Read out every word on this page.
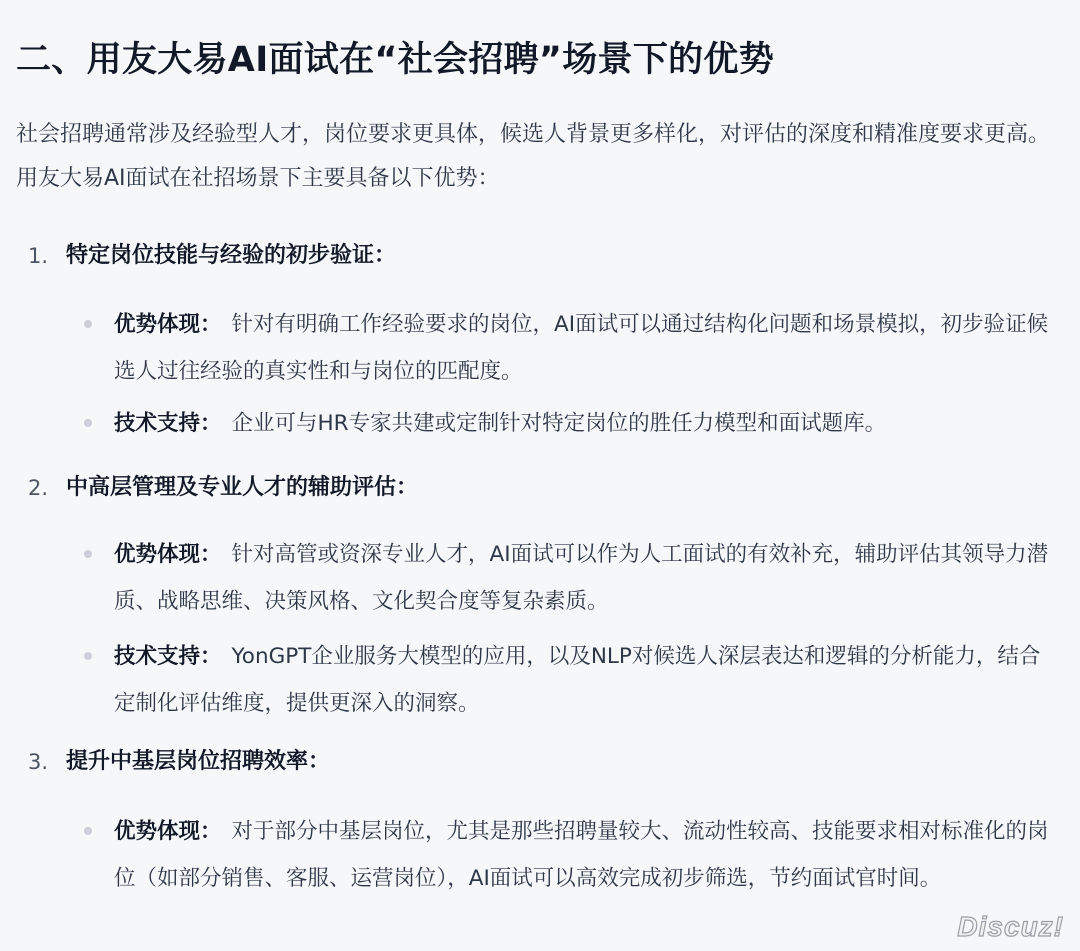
二、用友大易AI面试在“社会招聘”场景下的优势

社会招聘通常涉及经验型人才，岗位要求更具体，候选人背景更多样化，对评估的深度和精准度要求更高。用友大易AI面试在社招场景下主要具备以下优势：

1. 特定岗位技能与经验的初步验证：

优势体现： 针对有明确工作经验要求的岗位，AI面试可以通过结构化问题和场景模拟，初步验证候选人过往经验的真实性和与岗位的匹配度。

技术支持： 企业可与HR专家共建或定制针对特定岗位的胜任力模型和面试题库。

2. 中高层管理及专业人才的辅助评估：

优势体现： 针对高管或资深专业人才，AI面试可以作为人工面试的有效补充，辅助评估其领导力潜质、战略思维、决策风格、文化契合度等复杂素质。

技术支持： YonGPT企业服务大模型的应用，以及NLP对候选人深层表达和逻辑的分析能力，结合定制化评估维度，提供更深入的洞察。

3. 提升中基层岗位招聘效率：

优势体现： 对于部分中基层岗位，尤其是那些招聘量较大、流动性较高、技能要求相对标准化的岗位（如部分销售、客服、运营岗位），AI面试可以高效完成初步筛选，节约面试官时间。

Discuz!
